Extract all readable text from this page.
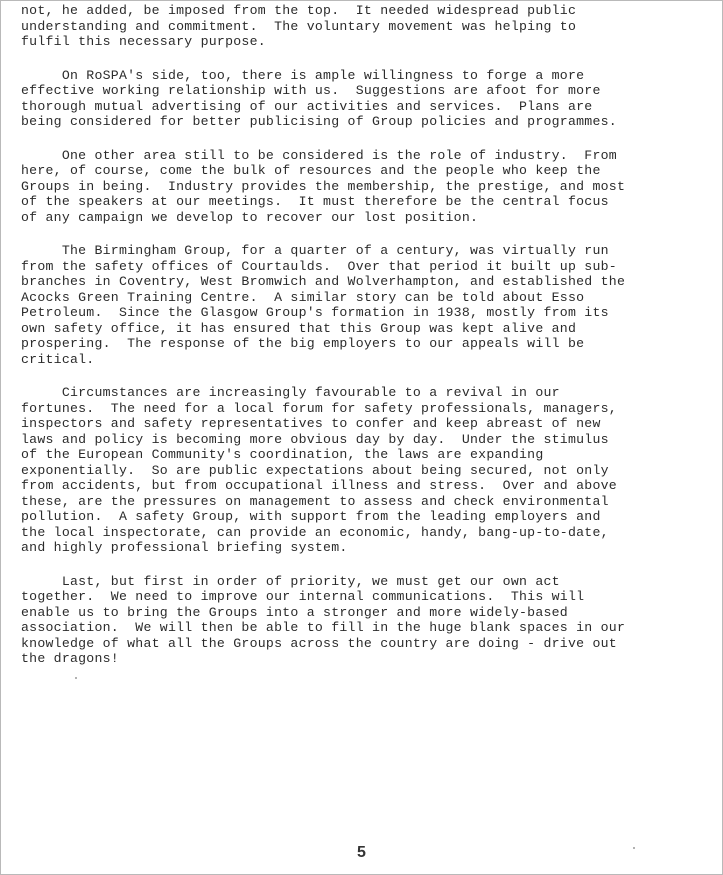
not, he added, be imposed from the top.  It needed widespread public
understanding and commitment.  The voluntary movement was helping to
fulfil this necessary purpose.
On RoSPA's side, too, there is ample willingness to forge a more
effective working relationship with us.  Suggestions are afoot for more
thorough mutual advertising of our activities and services.  Plans are
being considered for better publicising of Group policies and programmes.
One other area still to be considered is the role of industry.  From
here, of course, come the bulk of resources and the people who keep the
Groups in being.  Industry provides the membership, the prestige, and most
of the speakers at our meetings.  It must therefore be the central focus
of any campaign we develop to recover our lost position.
The Birmingham Group, for a quarter of a century, was virtually run
from the safety offices of Courtaulds.  Over that period it built up sub-
branches in Coventry, West Bromwich and Wolverhampton, and established the
Acocks Green Training Centre.  A similar story can be told about Esso
Petroleum.  Since the Glasgow Group's formation in 1938, mostly from its
own safety office, it has ensured that this Group was kept alive and
prospering.  The response of the big employers to our appeals will be
critical.
Circumstances are increasingly favourable to a revival in our
fortunes.  The need for a local forum for safety professionals, managers,
inspectors and safety representatives to confer and keep abreast of new
laws and policy is becoming more obvious day by day.  Under the stimulus
of the European Community's coordination, the laws are expanding
exponentially.  So are public expectations about being secured, not only
from accidents, but from occupational illness and stress.  Over and above
these, are the pressures on management to assess and check environmental
pollution.  A safety Group, with support from the leading employers and
the local inspectorate, can provide an economic, handy, bang-up-to-date,
and highly professional briefing system.
Last, but first in order of priority, we must get our own act
together.  We need to improve our internal communications.  This will
enable us to bring the Groups into a stronger and more widely-based
association.  We will then be able to fill in the huge blank spaces in our
knowledge of what all the Groups across the country are doing - drive out
the dragons!
5
